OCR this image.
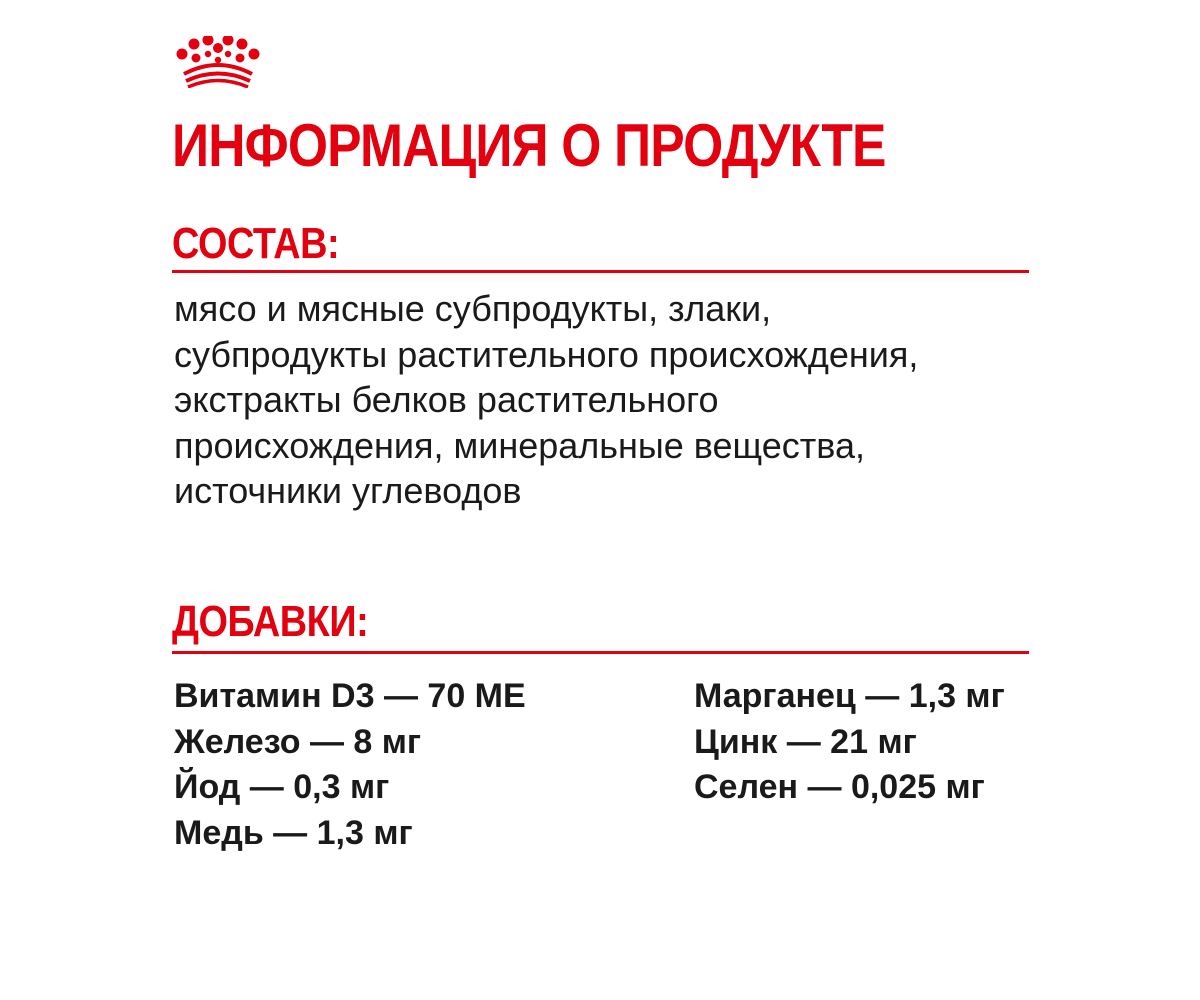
ИНФОРМАЦИЯ О ПРОДУКТЕ
СОСТАВ:

мясо и мясные субпродукты, злаки,
субпродукты растительного происхождения,
экстракты белков растительного
происхождения, минеральные вещества,
источники углеводов

ДОБАВКИ:
Витамин D3 — 70 МЕ
Железо — 8 мг
Йод — 0,3 мг
Медь — 1,3 мг
Марганец — 1,3 мг
Цинк — 21 мг
Селен — 0,025 мг
